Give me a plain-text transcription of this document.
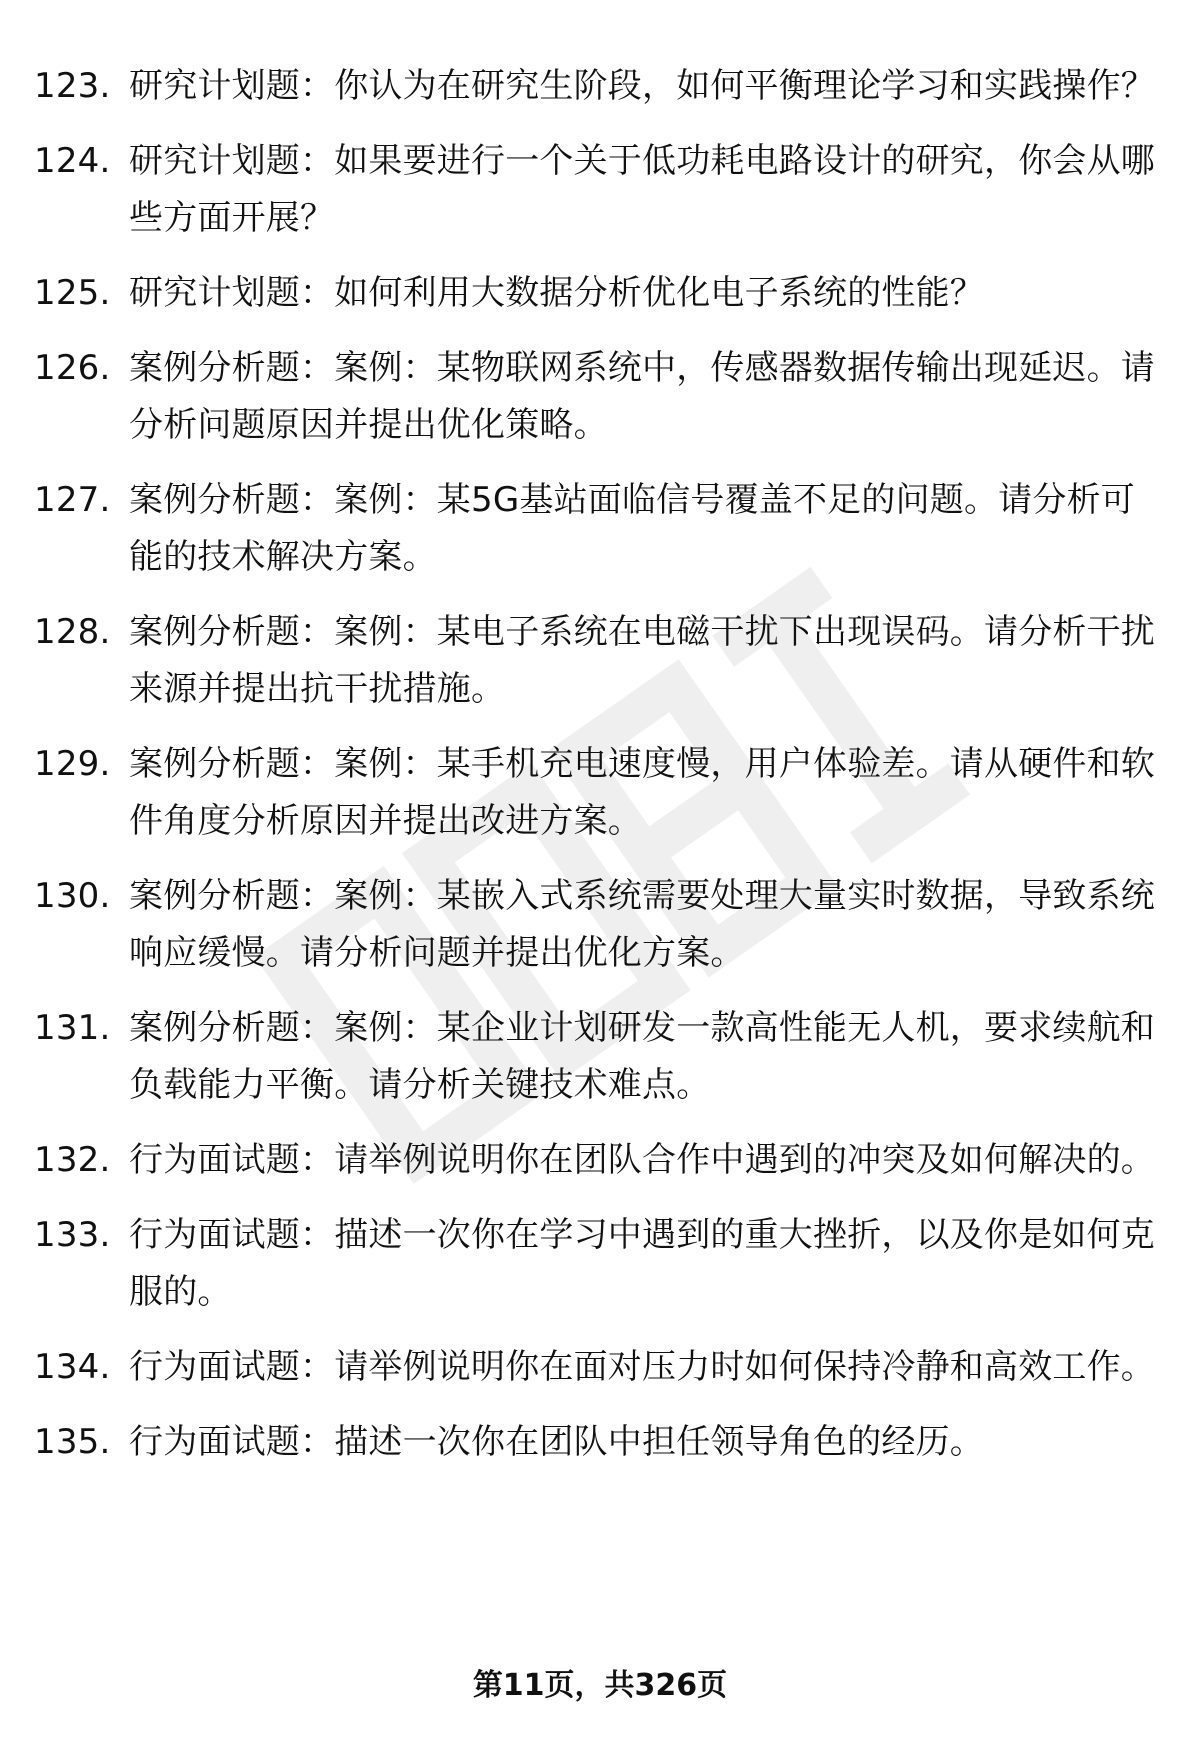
123. 研究计划题：你认为在研究生阶段，如何平衡理论学习和实践操作？
124. 研究计划题：如果要进行一个关于低功耗电路设计的研究，你会从哪些方面开展？
125. 研究计划题：如何利用大数据分析优化电子系统的性能？
126. 案例分析题：案例：某物联网系统中，传感器数据传输出现延迟。请分析问题原因并提出优化策略。
127. 案例分析题：案例：某5G基站面临信号覆盖不足的问题。请分析可能的技术解决方案。
128. 案例分析题：案例：某电子系统在电磁干扰下出现误码。请分析干扰来源并提出抗干扰措施。
129. 案例分析题：案例：某手机充电速度慢，用户体验差。请从硬件和软件角度分析原因并提出改进方案。
130. 案例分析题：案例：某嵌入式系统需要处理大量实时数据，导致系统响应缓慢。请分析问题并提出优化方案。
131. 案例分析题：案例：某企业计划研发一款高性能无人机，要求续航和负载能力平衡。请分析关键技术难点。
132. 行为面试题：请举例说明你在团队合作中遇到的冲突及如何解决的。
133. 行为面试题：描述一次你在学习中遇到的重大挫折，以及你是如何克服的。
134. 行为面试题：请举例说明你在面对压力时如何保持冷静和高效工作。
135. 行为面试题：描述一次你在团队中担任领导角色的经历。
第11页，共326页
